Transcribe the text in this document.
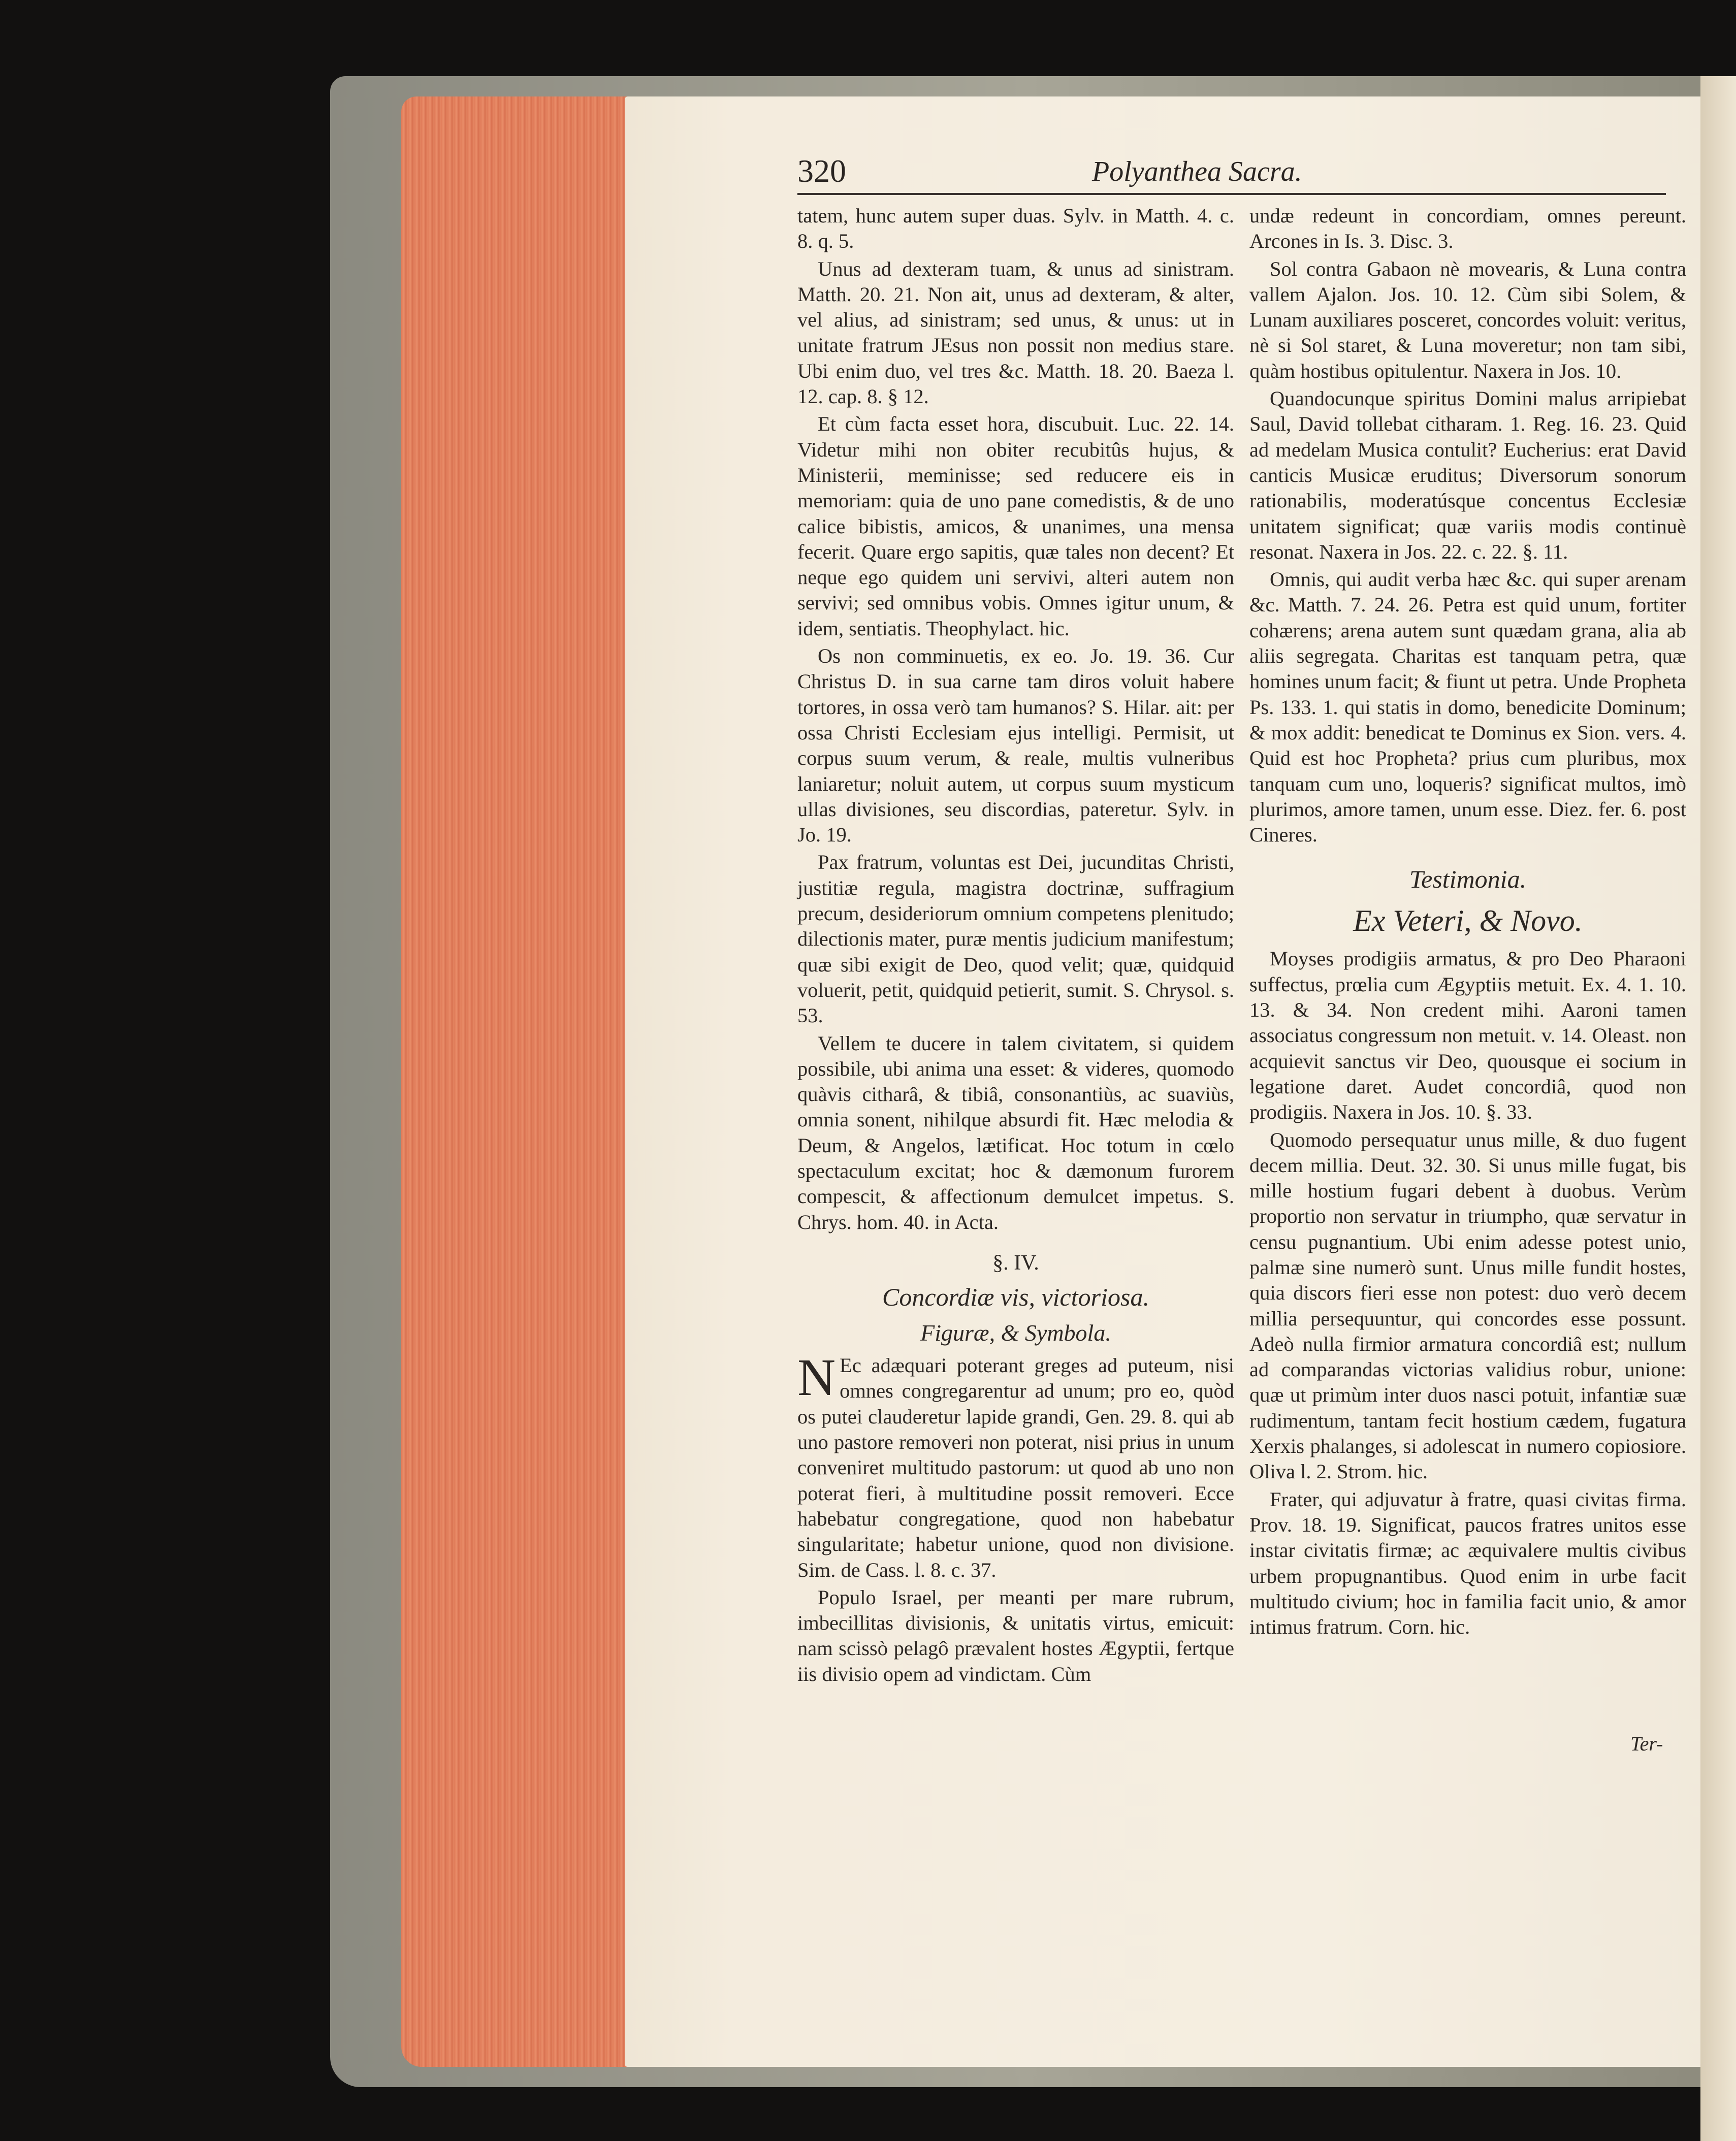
320	Polyanthea Sacra.

tatem, hunc autem super duas. Sylv. in Matth. 4. c. 8. q. 5.

Unus ad dexteram tuam, & unus ad sinistram. Matth. 20. 21. Non ait, unus ad dexteram, & alter, vel alius, ad sinistram; sed unus, & unus: ut in unitate fratrum JEsus non possit non medius stare. Ubi enim duo, vel tres &c. Matth. 18. 20. Baeza l. 12. cap. 8. § 12.

Et cùm facta esset hora, discubuit. Luc. 22. 14. Videtur mihi non obiter recubitûs hujus, & Ministerii, meminisse; sed reducere eis in memoriam: quia de uno pane comedistis, & de uno calice bibistis, amicos, & unanimes, una mensa fecerit. Quare ergo sapitis, quæ tales non decent? Et neque ego quidem uni servivi, alteri autem non servivi; sed omnibus vobis. Omnes igitur unum, & idem, sentiatis. Theophylact. hic.

Os non comminuetis, ex eo. Jo. 19. 36. Cur Christus D. in sua carne tam diros voluit habere tortores, in ossa verò tam humanos? S. Hilar. ait: per ossa Christi Ecclesiam ejus intelligi. Permisit, ut corpus suum verum, & reale, multis vulneribus laniaretur; noluit autem, ut corpus suum mysticum ullas divisiones, seu discordias, pateretur. Sylv. in Jo. 19.

Pax fratrum, voluntas est Dei, jucunditas Christi, justitiæ regula, magistra doctrinæ, suffragium precum, desideriorum omnium competens plenitudo; dilectionis mater, puræ mentis judicium manifestum; quæ sibi exigit de Deo, quod velit; quæ, quidquid voluerit, petit, quidquid petierit, sumit. S. Chrysol. s. 53.

Vellem te ducere in talem civitatem, si quidem possibile, ubi anima una esset: & videres, quomodo quàvis citharâ, & tibiâ, consonantiùs, ac suaviùs, omnia sonent, nihilque absurdi fit. Hæc melodia & Deum, & Angelos, lætificat. Hoc totum in cœlo spectaculum excitat; hoc & dæmonum furorem compescit, & affectionum demulcet impetus. S. Chrys. hom. 40. in Acta.

§. IV.

Concordiæ vis, victoriosa.

Figuræ, & Symbola.

N Ec adæquari poterant greges ad puteum, nisi omnes congregarentur ad unum; pro eo, quòd os putei clauderetur lapide grandi, Gen. 29. 8. qui ab uno pastore removeri non poterat, nisi prius in unum conveniret multitudo pastorum: ut quod ab uno non poterat fieri, à multitudine possit removeri. Ecce habebatur congregatione, quod non habebatur singularitate; habetur unione, quod non divisione. Sim. de Cass. l. 8. c. 37.

Populo Israel, per meanti per mare rubrum, imbecillitas divisionis, & unitatis virtus, emicuit: nam scissò pelagô prævalent hostes Ægyptii, fertque iis divisio opem ad vindictam. Cùm

undæ redeunt in concordiam, omnes pereunt. Arcones in Is. 3. Disc. 3.

Sol contra Gabaon nè movearis, & Luna contra vallem Ajalon. Jos. 10. 12. Cùm sibi Solem, & Lunam auxiliares posceret, concordes voluit: veritus, nè si Sol staret, & Luna moveretur; non tam sibi, quàm hostibus opitulentur. Naxera in Jos. 10.

Quandocunque spiritus Domini malus arripiebat Saul, David tollebat citharam. 1. Reg. 16. 23. Quid ad medelam Musica contulit? Eucherius: erat David canticis Musicæ eruditus; Diversorum sonorum rationabilis, moderatúsque concentus Ecclesiæ unitatem significat; quæ variis modis continuè resonat. Naxera in Jos. 22. c. 22. §. 11.

Omnis, qui audit verba hæc &c. qui super arenam &c. Matth. 7. 24. 26. Petra est quid unum, fortiter cohærens; arena autem sunt quædam grana, alia ab aliis segregata. Charitas est tanquam petra, quæ homines unum facit; & fiunt ut petra. Unde Propheta Ps. 133. 1. qui statis in domo, benedicite Dominum; & mox addit: benedicat te Dominus ex Sion. vers. 4. Quid est hoc Propheta? prius cum pluribus, mox tanquam cum uno, loqueris? significat multos, imò plurimos, amore tamen, unum esse. Diez. fer. 6. post Cineres.

Testimonia.

Ex Veteri, & Novo.

Moyses prodigiis armatus, & pro Deo Pharaoni suffectus, prœlia cum Ægyptiis metuit. Ex. 4. 1. 10. 13. & 34. Non credent mihi. Aaroni tamen associatus congressum non metuit. v. 14. Oleast. non acquievit sanctus vir Deo, quousque ei socium in legatione daret. Audet concordiâ, quod non prodigiis. Naxera in Jos. 10. §. 33.

Quomodo persequatur unus mille, & duo fugent decem millia. Deut. 32. 30. Si unus mille fugat, bis mille hostium fugari debent à duobus. Verùm proportio non servatur in triumpho, quæ servatur in censu pugnantium. Ubi enim adesse potest unio, palmæ sine numerò sunt. Unus mille fundit hostes, quia discors fieri esse non potest: duo verò decem millia persequuntur, qui concordes esse possunt. Adeò nulla firmior armatura concordiâ est; nullum ad comparandas victorias validius robur, unione: quæ ut primùm inter duos nasci potuit, infantiæ suæ rudimentum, tantam fecit hostium cædem, fugatura Xerxis phalanges, si adolescat in numero copiosiore. Oliva l. 2. Strom. hic.

Frater, qui adjuvatur à fratre, quasi civitas firma. Prov. 18. 19. Significat, paucos fratres unitos esse instar civitatis firmæ; ac æquivalere multis civibus urbem propugnantibus. Quod enim in urbe facit multitudo civium; hoc in familia facit unio, & amor intimus fratrum. Corn. hic.

Ter-
